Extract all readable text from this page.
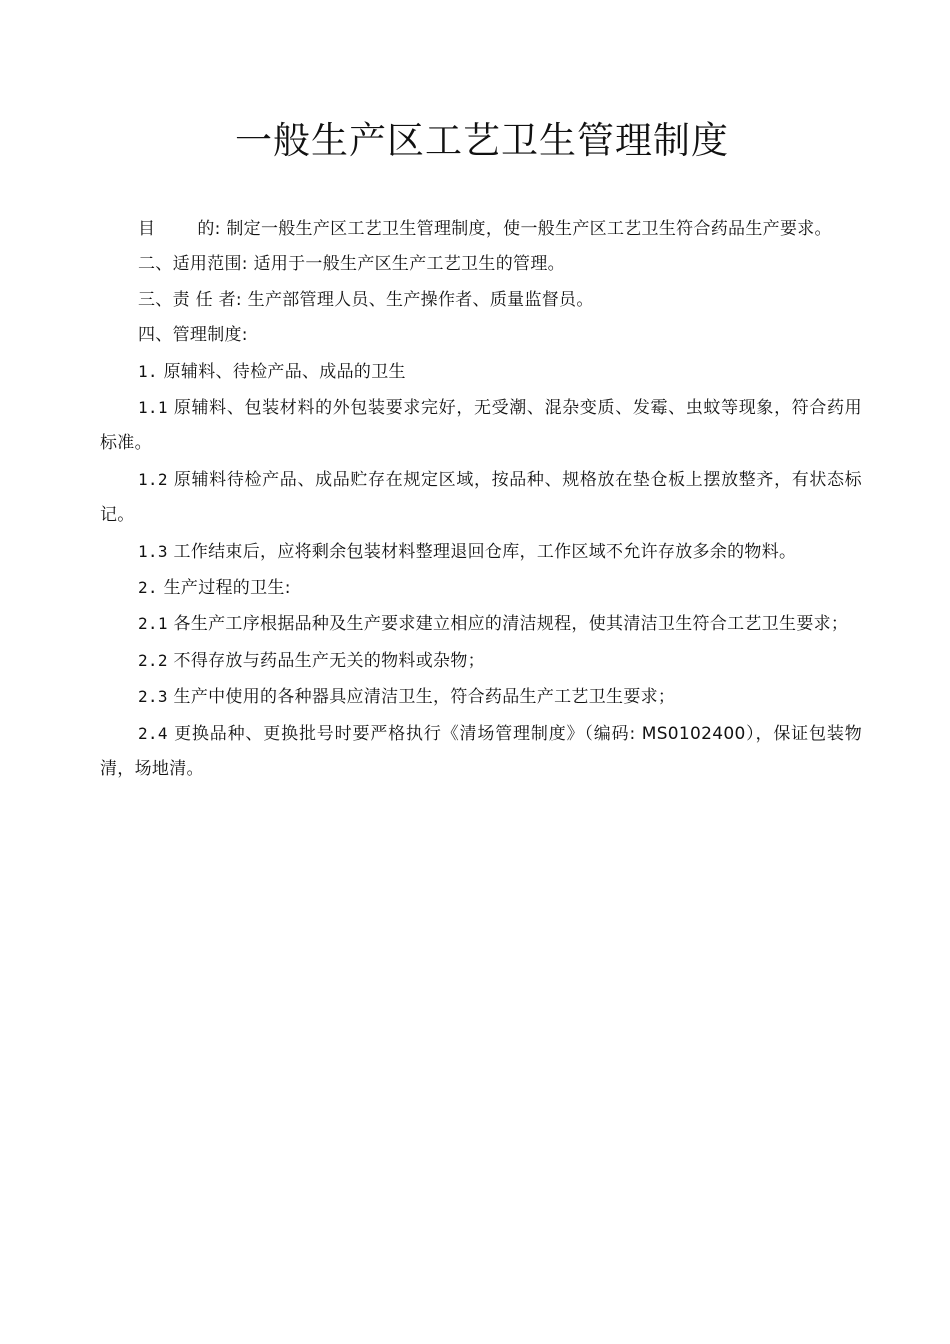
一般生产区工艺卫生管理制度

目 的: 制定一般生产区工艺卫生管理制度，使一般生产区工艺卫生符合药品生产要求。

二、适用范围: 适用于一般生产区生产工艺卫生的管理。

三、责 任 者: 生产部管理人员、生产操作者、质量监督员。

四、管理制度:

1. 原辅料、待检产品、成品的卫生

1.1 原辅料、包装材料的外包装要求完好，无受潮、混杂变质、发霉、虫蚊等现象，符合药用标准。

1.2 原辅料待检产品、成品贮存在规定区域，按品种、规格放在垫仓板上摆放整齐，有状态标记。

1.3 工作结束后，应将剩余包装材料整理退回仓库，工作区域不允许存放多余的物料。

2. 生产过程的卫生:

2.1 各生产工序根据品种及生产要求建立相应的清洁规程，使其清洁卫生符合工艺卫生要求；

2.2 不得存放与药品生产无关的物料或杂物；

2.3 生产中使用的各种器具应清洁卫生，符合药品生产工艺卫生要求；

2.4 更换品种、更换批号时要严格执行《清场管理制度》（编码: MS0102400），保证包装物清，场地清。
